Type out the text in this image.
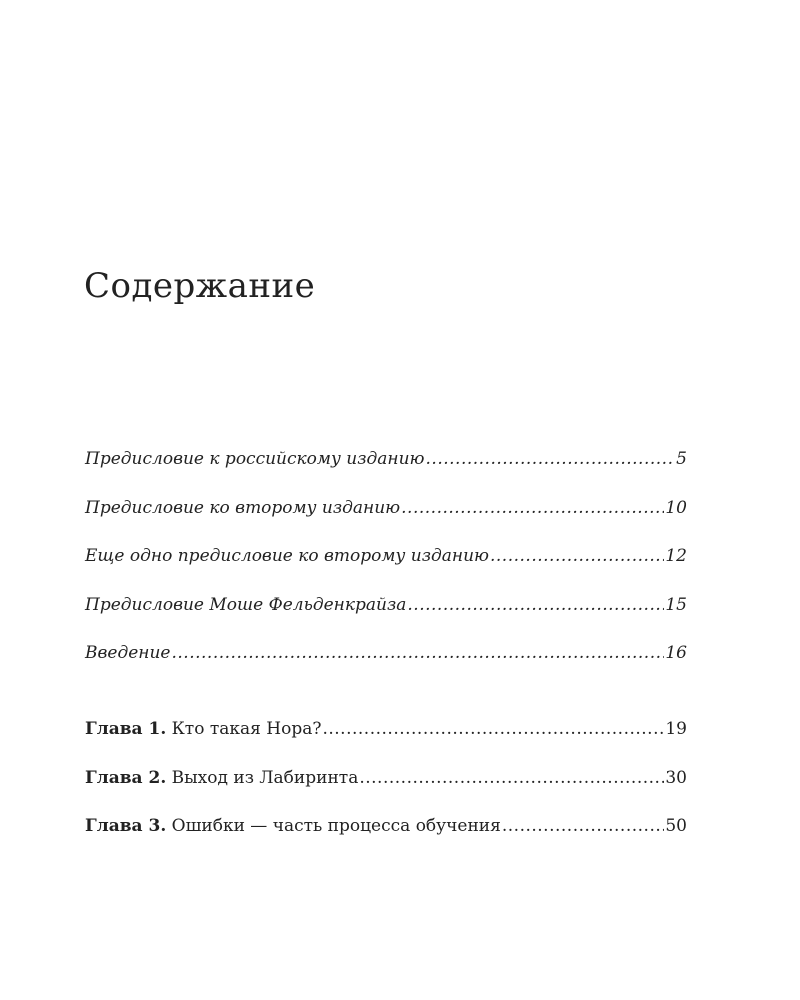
Содержание
Предисловие к российскому изданию .....	5
Предисловие ко второму изданию .....	10
Еще одно предисловие ко второму изданию .....	12
Предисловие Моше Фельденкрайза .....	15
Введение .....	16
Глава 1. Кто такая Нора? .....	19
Глава 2. Выход из Лабиринта .....	30
Глава 3. Ошибки — часть процесса обучения .....	50
